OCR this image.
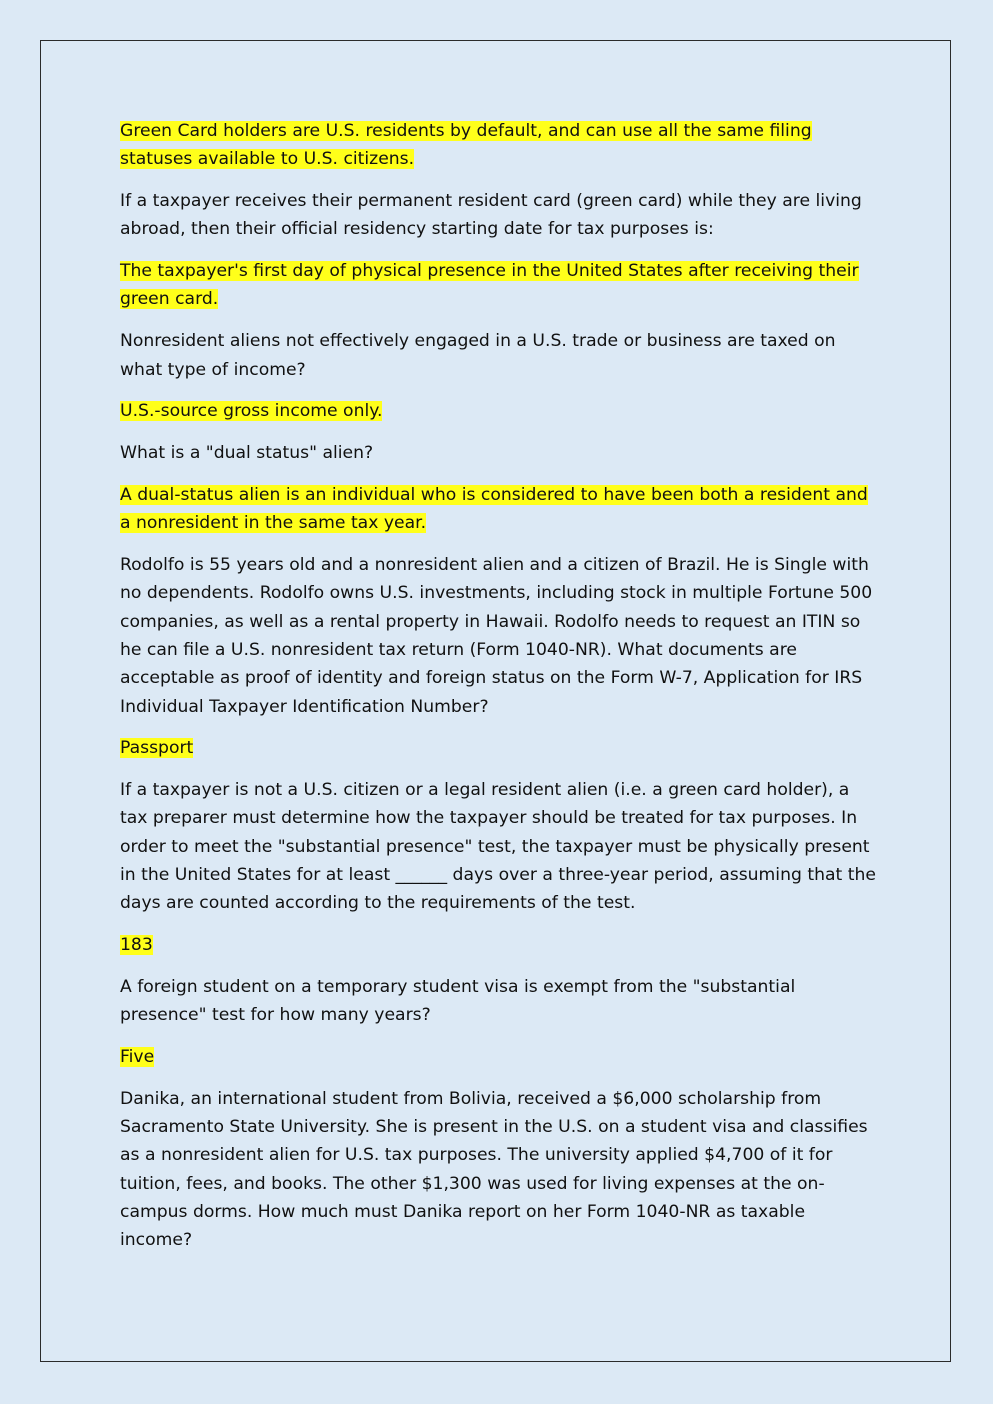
Green Card holders are U.S. residents by default, and can use all the same filing statuses available to U.S. citizens.

If a taxpayer receives their permanent resident card (green card) while they are living abroad, then their official residency starting date for tax purposes is:

The taxpayer's first day of physical presence in the United States after receiving their green card.

Nonresident aliens not effectively engaged in a U.S. trade or business are taxed on what type of income?

U.S.-source gross income only.

What is a "dual status" alien?

A dual-status alien is an individual who is considered to have been both a resident and a nonresident in the same tax year.

Rodolfo is 55 years old and a nonresident alien and a citizen of Brazil. He is Single with no dependents. Rodolfo owns U.S. investments, including stock in multiple Fortune 500 companies, as well as a rental property in Hawaii. Rodolfo needs to request an ITIN so he can file a U.S. nonresident tax return (Form 1040-NR). What documents are acceptable as proof of identity and foreign status on the Form W-7, Application for IRS Individual Taxpayer Identification Number?

Passport

If a taxpayer is not a U.S. citizen or a legal resident alien (i.e. a green card holder), a tax preparer must determine how the taxpayer should be treated for tax purposes. In order to meet the "substantial presence" test, the taxpayer must be physically present in the United States for at least ______ days over a three-year period, assuming that the days are counted according to the requirements of the test.

183

A foreign student on a temporary student visa is exempt from the "substantial presence" test for how many years?

Five

Danika, an international student from Bolivia, received a $6,000 scholarship from Sacramento State University. She is present in the U.S. on a student visa and classifies as a nonresident alien for U.S. tax purposes. The university applied $4,700 of it for tuition, fees, and books. The other $1,300 was used for living expenses at the on-campus dorms. How much must Danika report on her Form 1040-NR as taxable income?
